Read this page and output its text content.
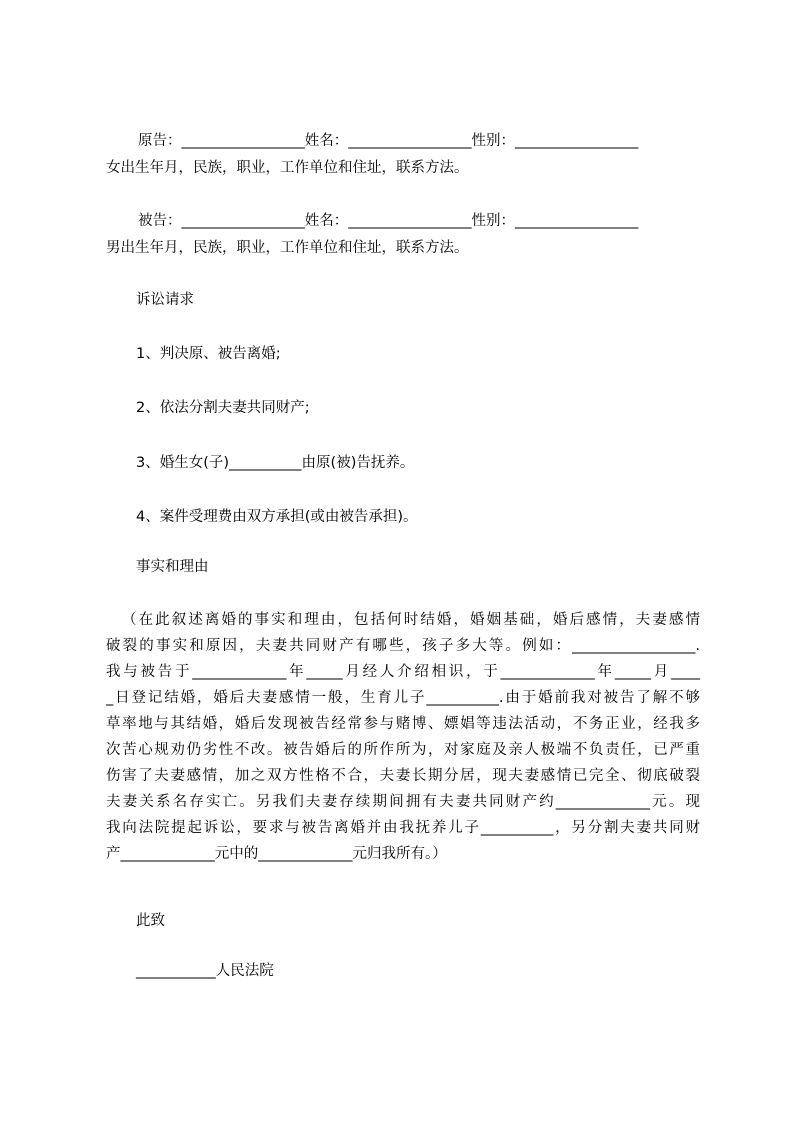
原告：_________________姓名：_________________性别：_________________
女出生年月，民族，职业，工作单位和住址，联系方法。
被告：_________________姓名：_________________性别：_________________
男出生年月，民族，职业，工作单位和住址，联系方法。
诉讼请求
1、判决原、被告离婚;
2、依法分割夫妻共同财产;
3、婚生女(子)__________由原(被)告抚养。
4、案件受理费由双方承担(或由被告承担)。
事实和理由
（在此叙述离婚的事实和理由，包括何时结婚，婚姻基础，婚后感情，夫妻感情
破裂的事实和原因，夫妻共同财产有哪些，孩子多大等。例如：_________________.
我与被告于_____________年_____月经人介绍相识，于_____________年_____月____
_日登记结婚，婚后夫妻感情一般，生育儿子__________.由于婚前我对被告了解不够
草率地与其结婚，婚后发现被告经常参与赌博、嫖娼等违法活动，不务正业，经我多
次苦心规劝仍劣性不改。被告婚后的所作所为，对家庭及亲人极端不负责任，已严重
伤害了夫妻感情，加之双方性格不合，夫妻长期分居，现夫妻感情已完全、彻底破裂
夫妻关系名存实亡。另我们夫妻存续期间拥有夫妻共同财产约_____________元。现
我向法院提起诉讼，要求与被告离婚并由我抚养儿子__________，另分割夫妻共同财
产_____________元中的_____________元归我所有。）
此致
___________人民法院
